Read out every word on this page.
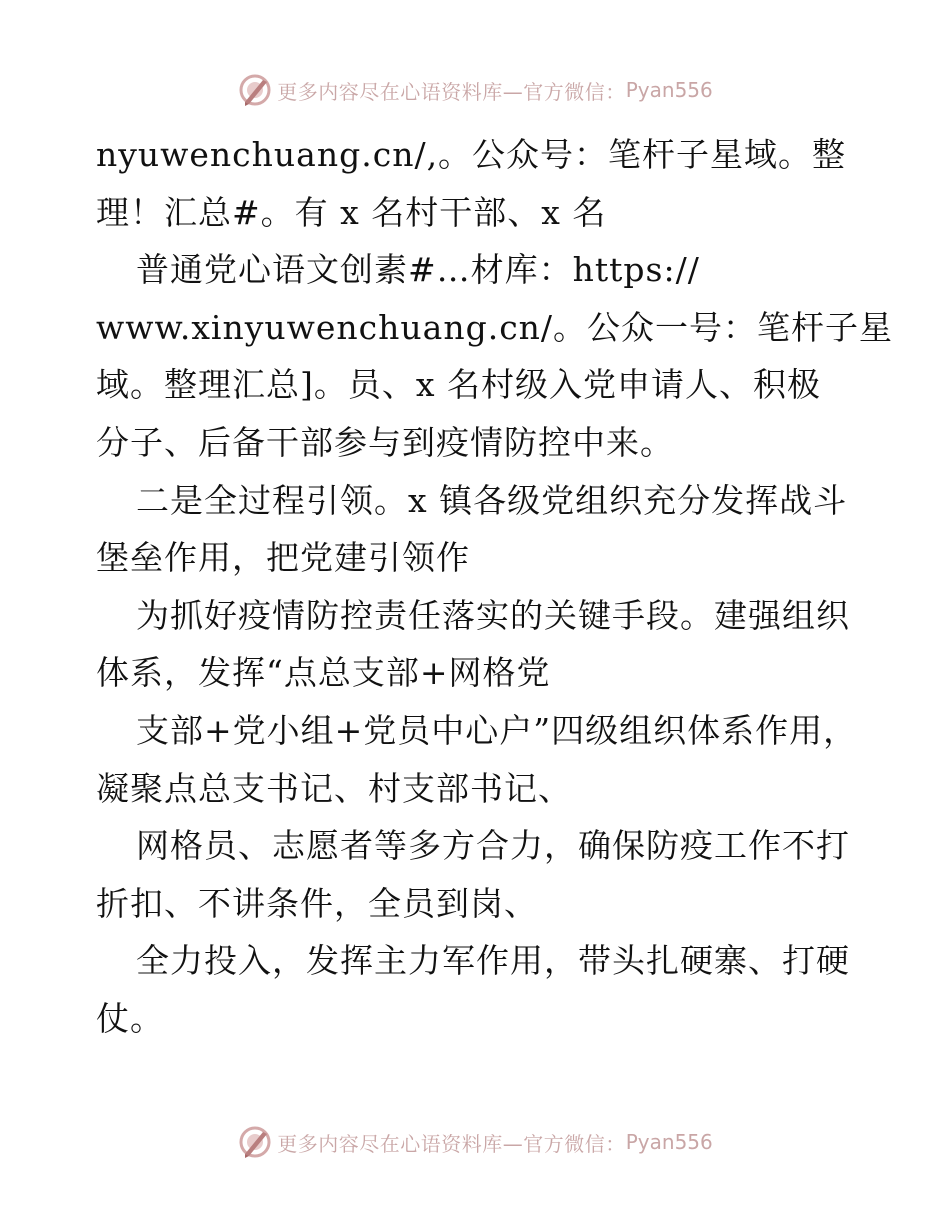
更多内容尽在心语资料库—官方微信： Pyan556
nyuwenchuang.cn/,。公众号：笔杆子星域。整
理！汇总#。有 x 名村干部、x 名
普通党心语文创素#…材库：https://
www.xinyuwenchuang.cn/。公众一号：笔杆子星
域。整理汇总]。员、x 名村级入党申请人、积极
分子、后备干部参与到疫情防控中来。
二是全过程引领。x 镇各级党组织充分发挥战斗
堡垒作用，把党建引领作
为抓好疫情防控责任落实的关键手段。建强组织
体系，发挥“点总支部+网格党
支部+党小组+党员中心户”四级组织体系作用，
凝聚点总支书记、村支部书记、
网格员、志愿者等多方合力，确保防疫工作不打
折扣、不讲条件，全员到岗、
全力投入，发挥主力军作用，带头扎硬寨、打硬
仗。
更多内容尽在心语资料库—官方微信： Pyan556
